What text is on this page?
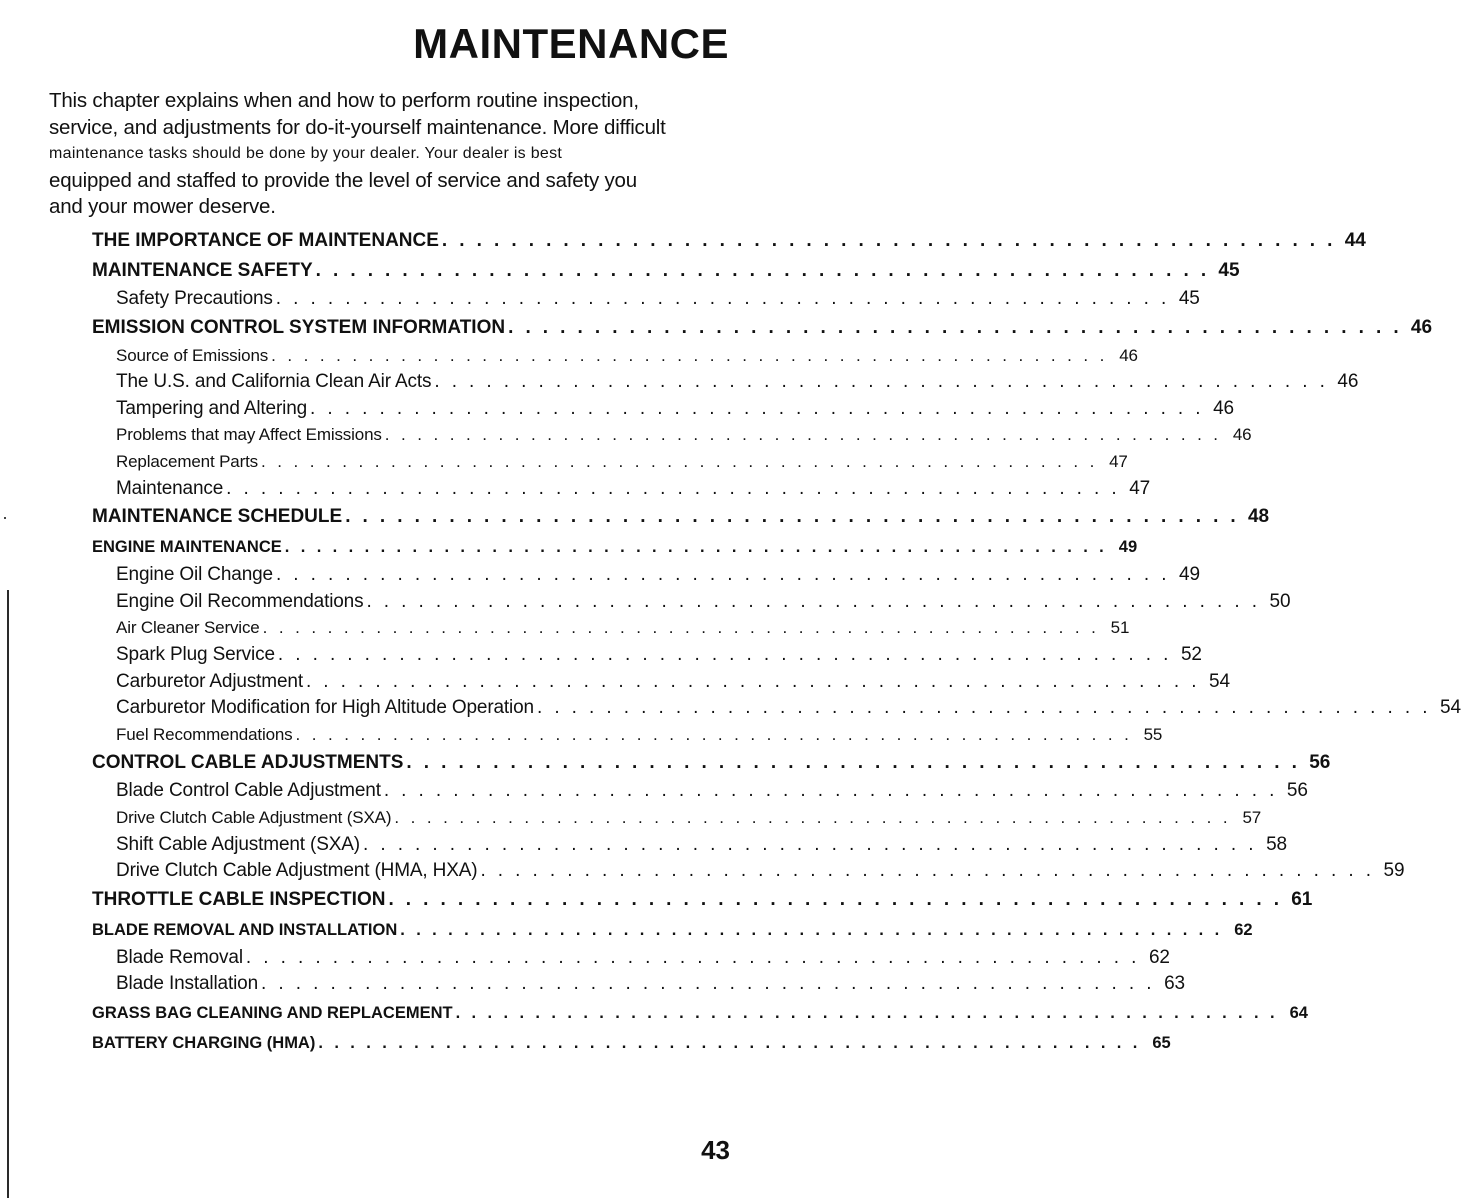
MAINTENANCE
This chapter explains when and how to perform routine inspection,
service, and adjustments for do-it-yourself maintenance. More difficult
maintenance tasks should be done by your dealer. Your dealer is best
equipped and staffed to provide the level of service and safety you
and your mower deserve.
THE IMPORTANCE OF MAINTENANCE . . . . . . . . . . . . . . . . . . . . . . . . . . . . . . . . . . . . . . . . . . . . . . . . . . . . 44
MAINTENANCE SAFETY . . . . . . . . . . . . . . . . . . . . . . . . . . . . . . . . . . . . . . . . . . . . . . . . . . . . 45
Safety Precautions . . . . . . . . . . . . . . . . . . . . . . . . . . . . . . . . . . . . . . . . . . . . . . . . . . . . 45
EMISSION CONTROL SYSTEM INFORMATION . . . . . . . . . . . . . . . . . . . . . . . . . . . . . . . . . . . . . . . . . . . . . . . . . . . . 46
Source of Emissions . . . . . . . . . . . . . . . . . . . . . . . . . . . . . . . . . . . . . . . . . . . . . . . . . . . . 46
The U.S. and California Clean Air Acts . . . . . . . . . . . . . . . . . . . . . . . . . . . . . . . . . . . . . . . . . . . . . . . . . . . . 46
Tampering and Altering . . . . . . . . . . . . . . . . . . . . . . . . . . . . . . . . . . . . . . . . . . . . . . . . . . . . 46
Problems that may Affect Emissions . . . . . . . . . . . . . . . . . . . . . . . . . . . . . . . . . . . . . . . . . . . . . . . . . . . . 46
Replacement Parts . . . . . . . . . . . . . . . . . . . . . . . . . . . . . . . . . . . . . . . . . . . . . . . . . . . . 47
Maintenance . . . . . . . . . . . . . . . . . . . . . . . . . . . . . . . . . . . . . . . . . . . . . . . . . . . . 47
MAINTENANCE SCHEDULE . . . . . . . . . . . . . . . . . . . . . . . . . . . . . . . . . . . . . . . . . . . . . . . . . . . . 48
ENGINE MAINTENANCE . . . . . . . . . . . . . . . . . . . . . . . . . . . . . . . . . . . . . . . . . . . . . . . . . . . . 49
Engine Oil Change . . . . . . . . . . . . . . . . . . . . . . . . . . . . . . . . . . . . . . . . . . . . . . . . . . . . 49
Engine Oil Recommendations . . . . . . . . . . . . . . . . . . . . . . . . . . . . . . . . . . . . . . . . . . . . . . . . . . . . 50
Air Cleaner Service . . . . . . . . . . . . . . . . . . . . . . . . . . . . . . . . . . . . . . . . . . . . . . . . . . . . 51
Spark Plug Service . . . . . . . . . . . . . . . . . . . . . . . . . . . . . . . . . . . . . . . . . . . . . . . . . . . . 52
Carburetor Adjustment . . . . . . . . . . . . . . . . . . . . . . . . . . . . . . . . . . . . . . . . . . . . . . . . . . . . 54
Carburetor Modification for High Altitude Operation . . . . . . . . . . . . . . . . . . . . . . . . . . . . . . . . . . . . . . . . . . . . . . . . . . . . 54
Fuel Recommendations . . . . . . . . . . . . . . . . . . . . . . . . . . . . . . . . . . . . . . . . . . . . . . . . . . . . 55
CONTROL CABLE ADJUSTMENTS . . . . . . . . . . . . . . . . . . . . . . . . . . . . . . . . . . . . . . . . . . . . . . . . . . . . 56
Blade Control Cable Adjustment . . . . . . . . . . . . . . . . . . . . . . . . . . . . . . . . . . . . . . . . . . . . . . . . . . . . 56
Drive Clutch Cable Adjustment (SXA) . . . . . . . . . . . . . . . . . . . . . . . . . . . . . . . . . . . . . . . . . . . . . . . . . . . . 57
Shift Cable Adjustment (SXA) . . . . . . . . . . . . . . . . . . . . . . . . . . . . . . . . . . . . . . . . . . . . . . . . . . . . 58
Drive Clutch Cable Adjustment (HMA, HXA) . . . . . . . . . . . . . . . . . . . . . . . . . . . . . . . . . . . . . . . . . . . . . . . . . . . . 59
THROTTLE CABLE INSPECTION . . . . . . . . . . . . . . . . . . . . . . . . . . . . . . . . . . . . . . . . . . . . . . . . . . . . 61
BLADE REMOVAL AND INSTALLATION . . . . . . . . . . . . . . . . . . . . . . . . . . . . . . . . . . . . . . . . . . . . . . . . . . . . 62
Blade Removal . . . . . . . . . . . . . . . . . . . . . . . . . . . . . . . . . . . . . . . . . . . . . . . . . . . . 62
Blade Installation . . . . . . . . . . . . . . . . . . . . . . . . . . . . . . . . . . . . . . . . . . . . . . . . . . . . 63
GRASS BAG CLEANING AND REPLACEMENT . . . . . . . . . . . . . . . . . . . . . . . . . . . . . . . . . . . . . . . . . . . . . . . . . . . . 64
BATTERY CHARGING (HMA) . . . . . . . . . . . . . . . . . . . . . . . . . . . . . . . . . . . . . . . . . . . . . . . . . . . . 65
43
